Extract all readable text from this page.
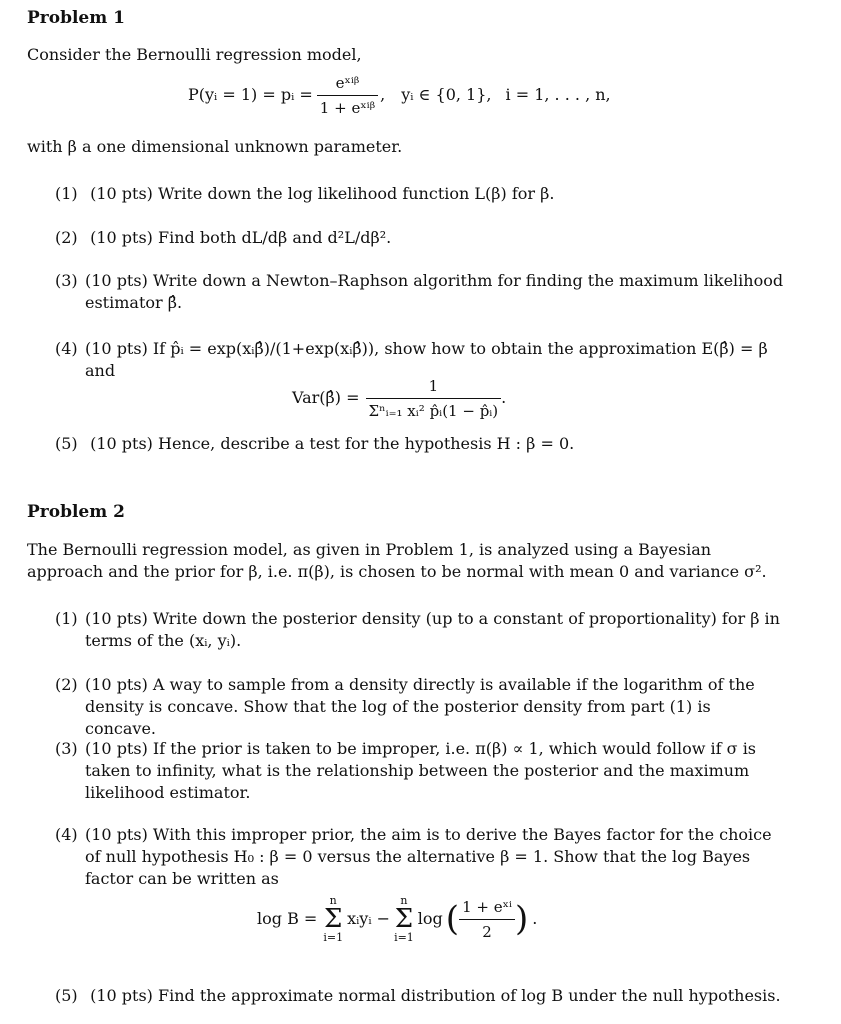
Problem 1
Consider the Bernoulli regression model,
P(yᵢ = 1) = pᵢ = $\frac{\text{eˣⁱᵝ}}{\text{1 + eˣⁱᵝ}}$ , yᵢ ∈ {0, 1}, i = 1, . . . , n,
with β a one dimensional unknown parameter.
(1) (10 pts) Write down the log likelihood function L(β) for β.
(2) (10 pts) Find both dL/dβ and d²L/dβ².
(3) (10 pts) Write down a Newton–Raphson algorithm for finding the maximum likelihood estimator β̂.
(4) (10 pts) If p̂ᵢ = exp(xᵢβ̂)/(1+exp(xᵢβ̂)), show how to obtain the approximation E(β̂) = β and
Var(β̂) = $\frac{1}{\text{Σⁿᵢ₌₁ xᵢ² p̂ᵢ(1 − p̂ᵢ)}}$ .
(5) (10 pts) Hence, describe a test for the hypothesis H : β = 0.
Problem 2
The Bernoulli regression model, as given in Problem 1, is analyzed using a Bayesian approach and the prior for β, i.e. π(β), is chosen to be normal with mean 0 and variance σ².
(1) (10 pts) Write down the posterior density (up to a constant of proportionality) for β in terms of the (xᵢ, yᵢ).
(2) (10 pts) A way to sample from a density directly is available if the logarithm of the density is concave. Show that the log of the posterior density from part (1) is concave.
(3) (10 pts) If the prior is taken to be improper, i.e. π(β) ∝ 1, which would follow if σ is taken to infinity, what is the relationship between the posterior and the maximum likelihood estimator.
(4) (10 pts) With this improper prior, the aim is to derive the Bayes factor for the choice of null hypothesis H₀ : β = 0 versus the alternative β = 1. Show that the log Bayes factor can be written as
log B =
n
Σ
i=1
xᵢyᵢ −
n
Σ
i=1
log ( $\frac{\text{1 + eˣⁱ}}{2}$ ) .
(5) (10 pts) Find the approximate normal distribution of log B under the null hypothesis.
